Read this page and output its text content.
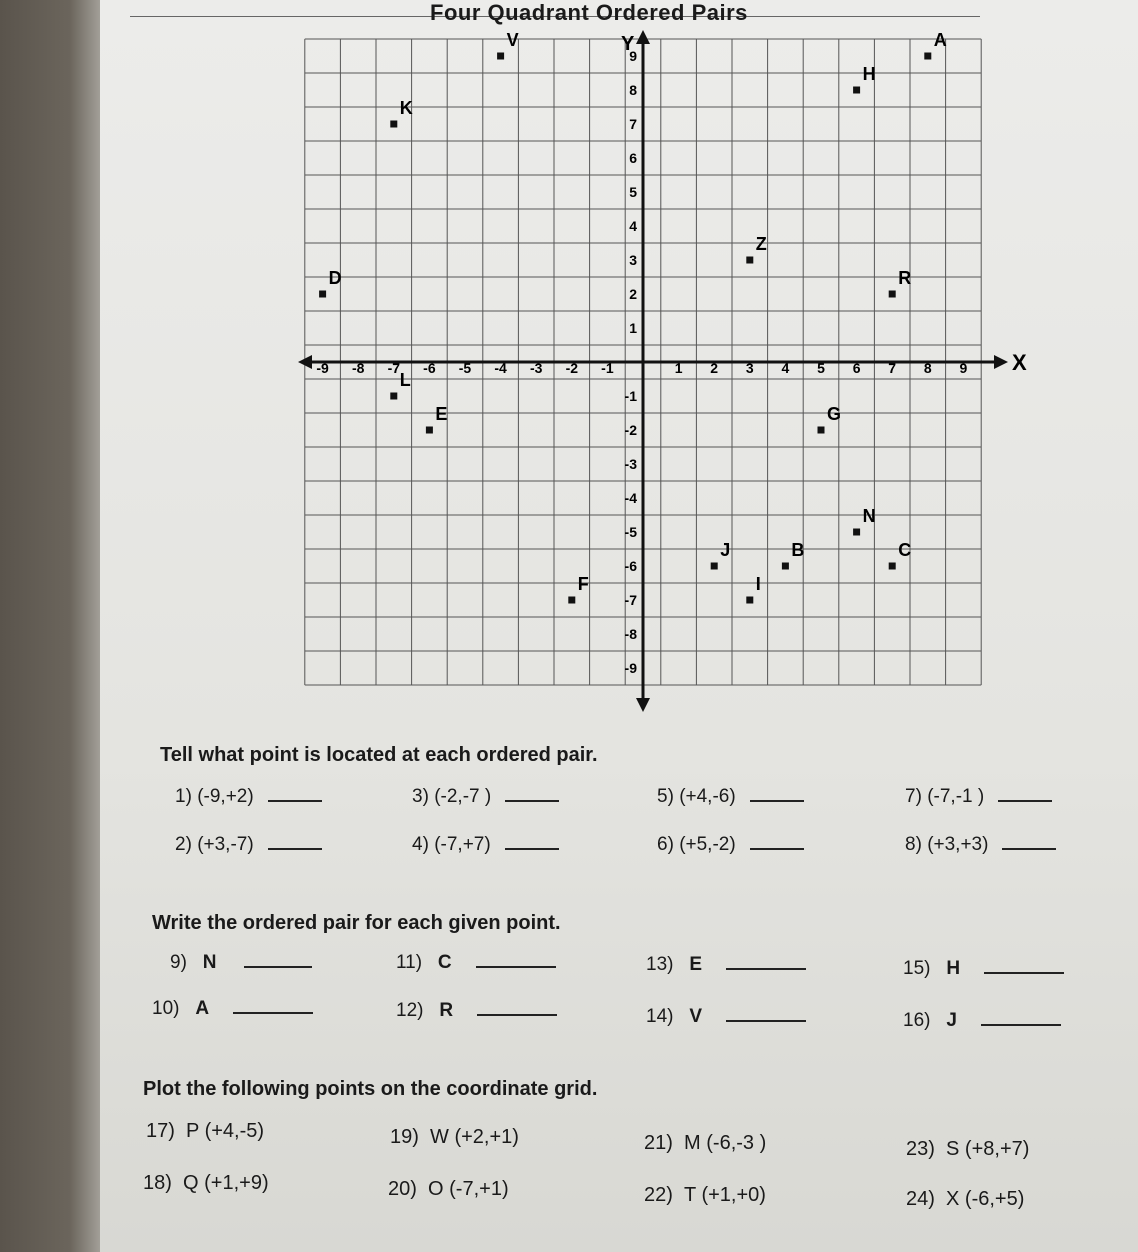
Four Quadrant Ordered Pairs
X
Y
-9 -8 -7 -6 -5 -4 -3 -2 -1	1 2 3 4 5 6 7 8 9
9
8
7
6
5
4
3
2
1
-1
-2
-3
-4
-5
-6
-7
-8
-9
A
H
V
K
Z
R
D
L
E	G
N
J	B	C
I
F
Tell what point is located at each ordered pair.
1) (-9,+2)	3) (-2,-7 )	5) (+4,-6)	7) (-7,-1 )
2) (+3,-7)	4) (-7,+7)	6) (+5,-2)	8) (+3,+3)
Write the ordered pair for each given point.
9) N	11) C	13) E	15) H
10) A	12) R	14) V	16) J
Plot the following points on the coordinate grid.
17) P (+4,-5)	19) W (+2,+1)	21) M (-6,-3 )	23) S (+8,+7)
18) Q (+1,+9)	20) O (-7,+1)	22) T (+1,+0)	24) X (-6,+5)
